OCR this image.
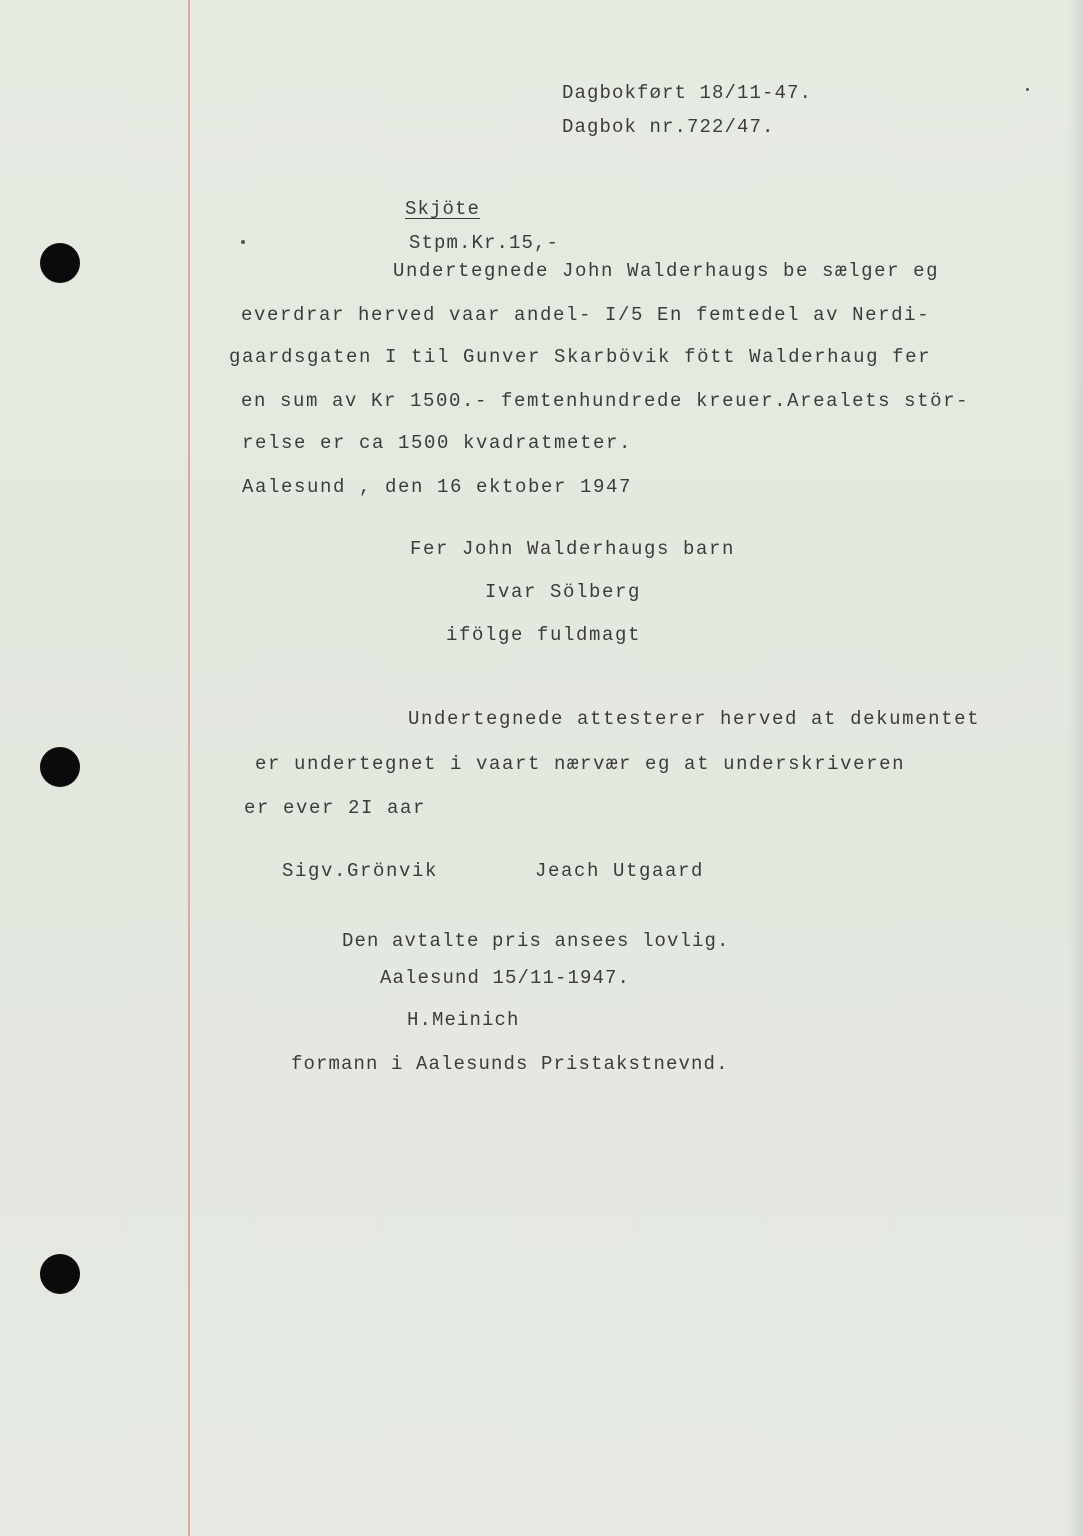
Dagbokført 18/11-47.
Dagbok nr.722/47.
Skjöte
Stpm.Kr.15,-
Undertegnede John Walderhaugs be sælger eg
everdrar herved vaar andel- I/5 En femtedel av Nerdi-
gaardsgaten I til Gunver Skarbövik fött Walderhaug fer
en sum av Kr 1500.- femtenhundrede kreuer.Arealets stör-
relse er ca 1500 kvadratmeter.
Aalesund , den 16 ektober 1947
Fer John Walderhaugs barn
Ivar Sölberg
ifölge fuldmagt
Undertegnede attesterer herved at dekumentet
er undertegnet i vaart nærvær eg at underskriveren
er ever 2I aar
Sigv.Grönvik	Jeach Utgaard
Den avtalte pris ansees lovlig.
Aalesund 15/11-1947.
H.Meinich
formann i Aalesunds Pristakstnevnd.
